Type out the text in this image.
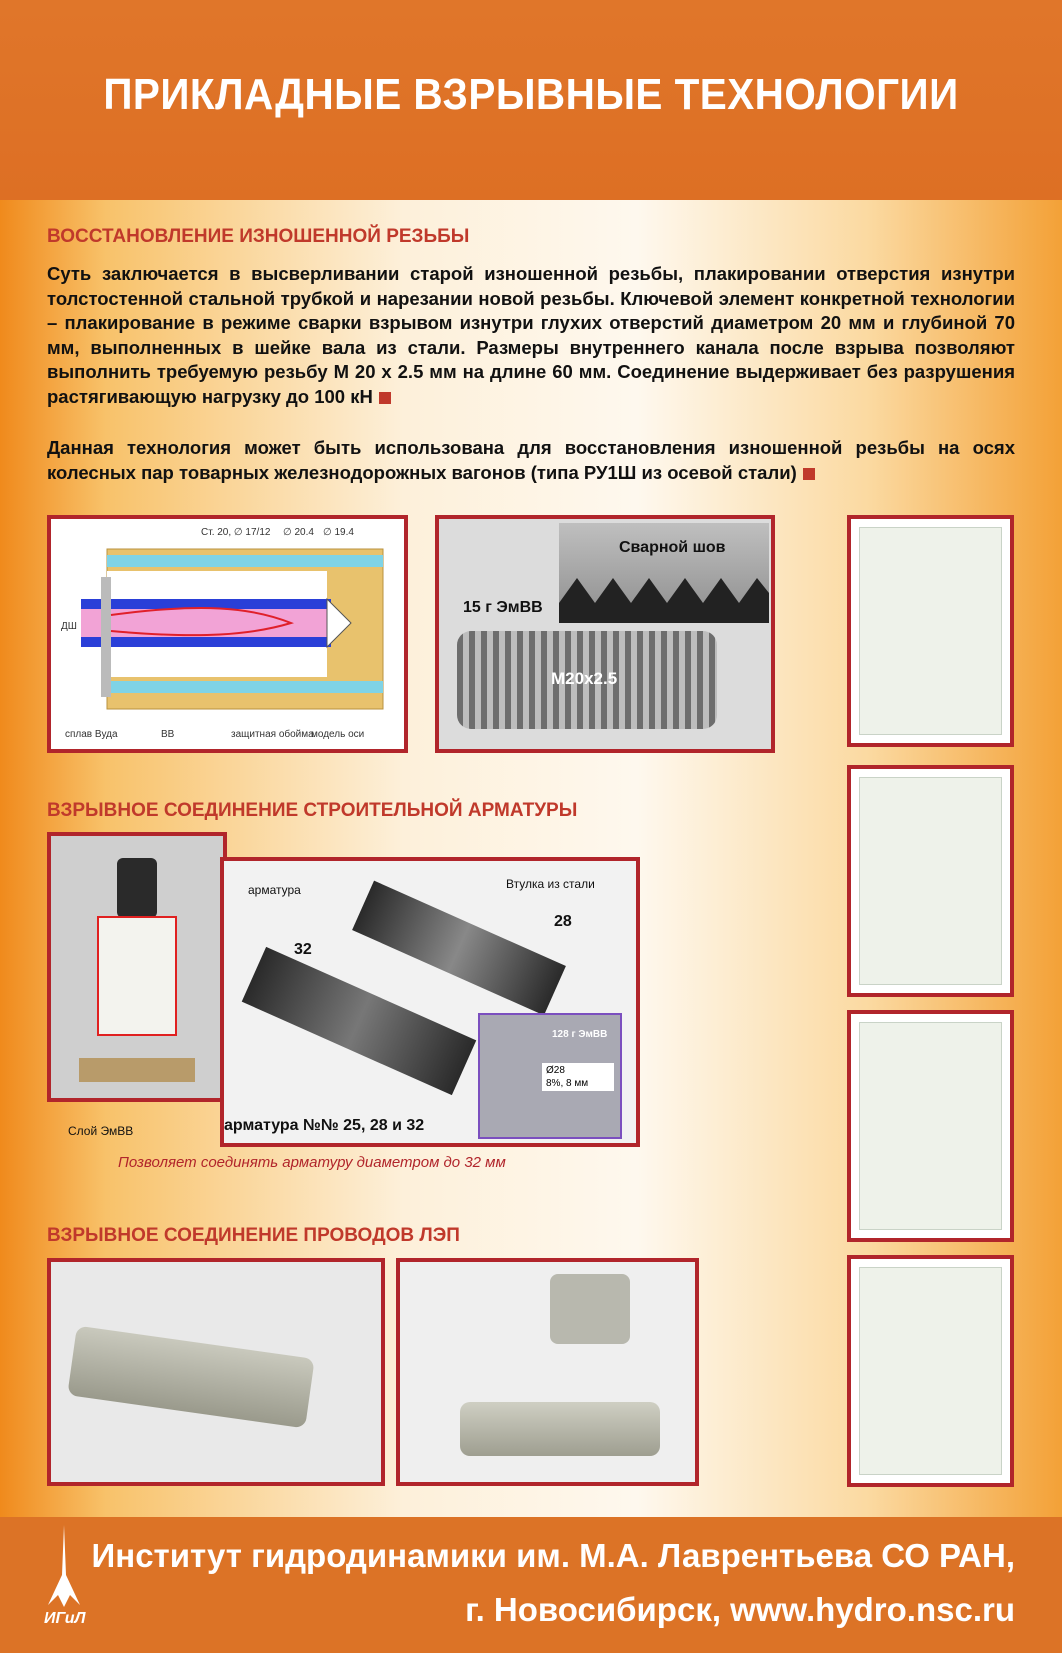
ПРИКЛАДНЫЕ ВЗРЫВНЫЕ ТЕХНОЛОГИИ
ВОССТАНОВЛЕНИЕ ИЗНОШЕННОЙ РЕЗЬБЫ
Суть заключается в высверливании старой изношенной резьбы, плакировании отверстия изнутри толстостенной стальной трубкой и нарезании новой резьбы. Ключевой элемент конкретной технологии – плакирование в режиме сварки взрывом изнутри глухих отверстий диаметром 20 мм и глубиной 70 мм, выполненных в шейке вала из стали. Размеры внутреннего канала после взрыва позволяют выполнить требуемую резьбу М 20 х 2.5 мм на длине 60 мм. Соединение выдерживает без разрушения растягивающую нагрузку до 100 кН
Данная технология может быть использована для восстановления изношенной резьбы на осях колесных пар товарных железнодорожных вагонов (типа РУ1Ш из осевой стали)
Ст. 20, ∅ 17/12 ∅ 20.4 ∅ 19.4
ДШ
сплав Вуда	ВВ	защитная обойма
модель оси
Сварной шов
15 г ЭмВВ
М20х2.5
ВЗРЫВНОЕ СОЕДИНЕНИЕ СТРОИТЕЛЬНОЙ АРМАТУРЫ
Слой ЭмВВ
арматура	Втулка из стали
32
28
арматура №№ 25, 28 и 32
128 г ЭмВВ
Ø28
8%, 8 мм
Позволяет соединять арматуру диаметром до 32 мм
ВЗРЫВНОЕ СОЕДИНЕНИЕ ПРОВОДОВ ЛЭП
Институт гидродинамики им. М.А. Лаврентьева СО РАН,
г. Новосибирск, www.hydro.nsc.ru
ИГиЛ
